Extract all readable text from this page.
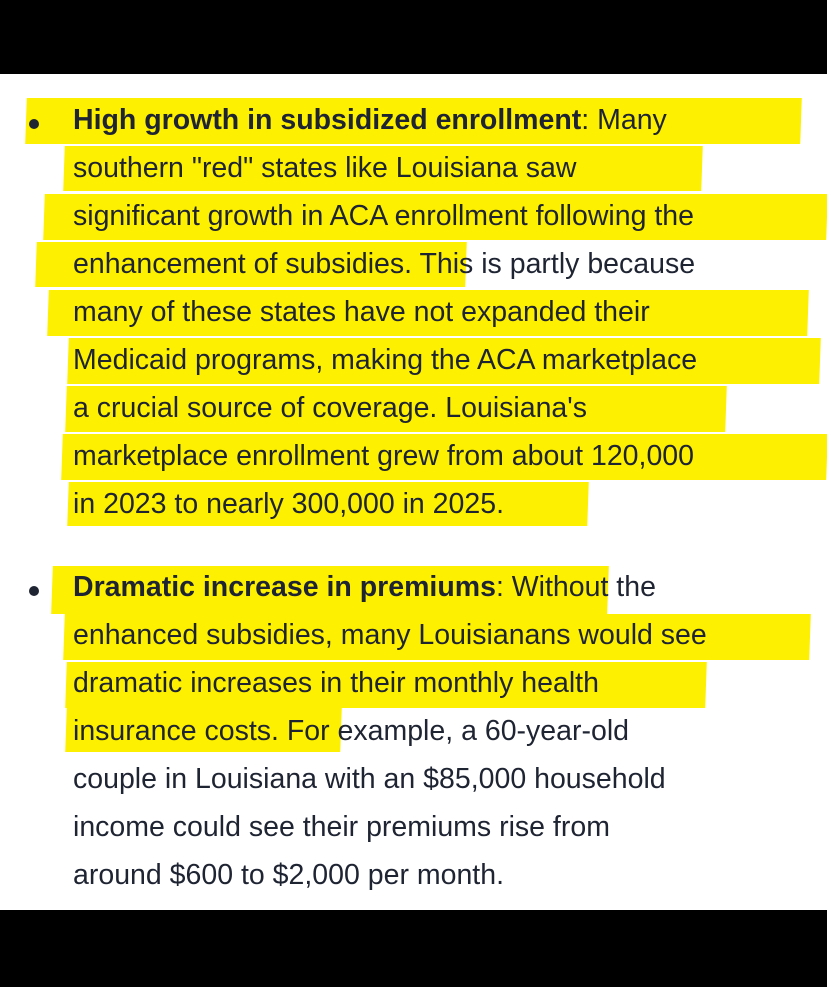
High growth in subsidized enrollment: Many
southern "red" states like Louisiana saw
significant growth in ACA enrollment following the
enhancement of subsidies. This is partly because
many of these states have not expanded their
Medicaid programs, making the ACA marketplace
a crucial source of coverage. Louisiana's
marketplace enrollment grew from about 120,000
in 2023 to nearly 300,000 in 2025.
Dramatic increase in premiums: Without the
enhanced subsidies, many Louisianans would see
dramatic increases in their monthly health
insurance costs. For example, a 60-year-old
couple in Louisiana with an $85,000 household
income could see their premiums rise from
around $600 to $2,000 per month.
